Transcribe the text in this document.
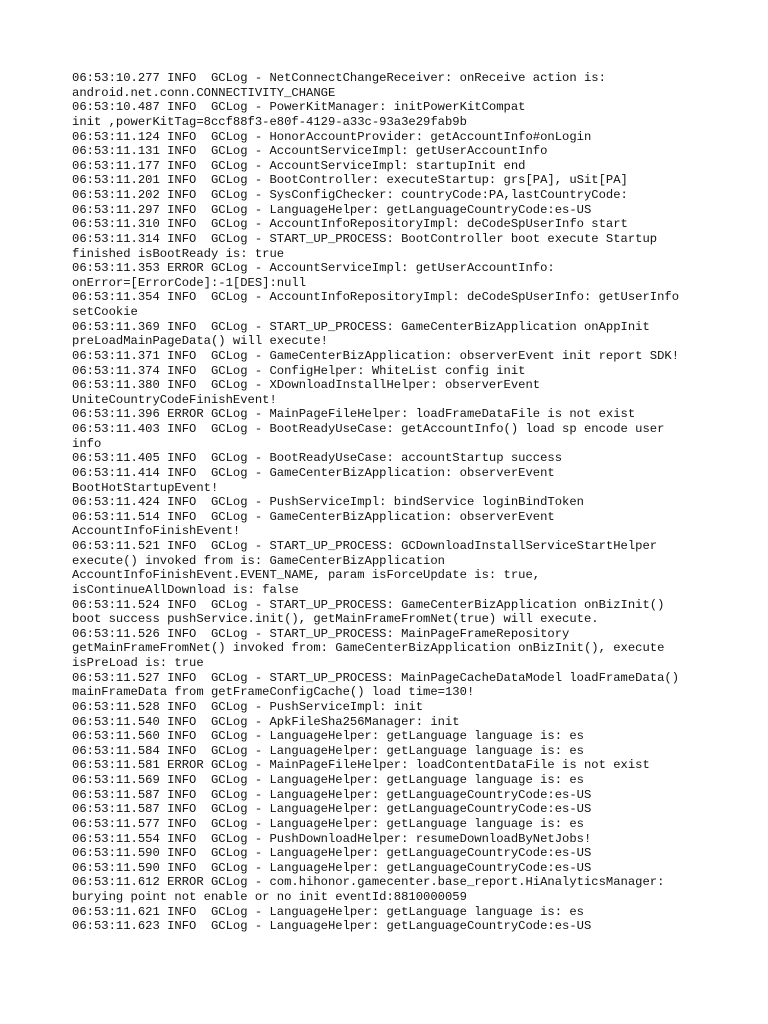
06:53:10.277 INFO  GCLog - NetConnectChangeReceiver: onReceive action is:
android.net.conn.CONNECTIVITY_CHANGE
06:53:10.487 INFO  GCLog - PowerKitManager: initPowerKitCompat
init ,powerKitTag=8ccf88f3-e80f-4129-a33c-93a3e29fab9b
06:53:11.124 INFO  GCLog - HonorAccountProvider: getAccountInfo#onLogin
06:53:11.131 INFO  GCLog - AccountServiceImpl: getUserAccountInfo
06:53:11.177 INFO  GCLog - AccountServiceImpl: startupInit end
06:53:11.201 INFO  GCLog - BootController: executeStartup: grs[PA], uSit[PA]
06:53:11.202 INFO  GCLog - SysConfigChecker: countryCode:PA,lastCountryCode:
06:53:11.297 INFO  GCLog - LanguageHelper: getLanguageCountryCode:es-US
06:53:11.310 INFO  GCLog - AccountInfoRepositoryImpl: deCodeSpUserInfo start
06:53:11.314 INFO  GCLog - START_UP_PROCESS: BootController boot execute Startup
finished isBootReady is: true
06:53:11.353 ERROR GCLog - AccountServiceImpl: getUserAccountInfo:
onError=[ErrorCode]:-1[DES]:null
06:53:11.354 INFO  GCLog - AccountInfoRepositoryImpl: deCodeSpUserInfo: getUserInfo
setCookie
06:53:11.369 INFO  GCLog - START_UP_PROCESS: GameCenterBizApplication onAppInit
preLoadMainPageData() will execute!
06:53:11.371 INFO  GCLog - GameCenterBizApplication: observerEvent init report SDK!
06:53:11.374 INFO  GCLog - ConfigHelper: WhiteList config init
06:53:11.380 INFO  GCLog - XDownloadInstallHelper: observerEvent
UniteCountryCodeFinishEvent!
06:53:11.396 ERROR GCLog - MainPageFileHelper: loadFrameDataFile is not exist
06:53:11.403 INFO  GCLog - BootReadyUseCase: getAccountInfo() load sp encode user
info
06:53:11.405 INFO  GCLog - BootReadyUseCase: accountStartup success
06:53:11.414 INFO  GCLog - GameCenterBizApplication: observerEvent
BootHotStartupEvent!
06:53:11.424 INFO  GCLog - PushServiceImpl: bindService loginBindToken
06:53:11.514 INFO  GCLog - GameCenterBizApplication: observerEvent
AccountInfoFinishEvent!
06:53:11.521 INFO  GCLog - START_UP_PROCESS: GCDownloadInstallServiceStartHelper
execute() invoked from is: GameCenterBizApplication
AccountInfoFinishEvent.EVENT_NAME, param isForceUpdate is: true,
isContinueAllDownload is: false
06:53:11.524 INFO  GCLog - START_UP_PROCESS: GameCenterBizApplication onBizInit()
boot success pushService.init(), getMainFrameFromNet(true) will execute.
06:53:11.526 INFO  GCLog - START_UP_PROCESS: MainPageFrameRepository
getMainFrameFromNet() invoked from: GameCenterBizApplication onBizInit(), execute
isPreLoad is: true
06:53:11.527 INFO  GCLog - START_UP_PROCESS: MainPageCacheDataModel loadFrameData()
mainFrameData from getFrameConfigCache() load time=130!
06:53:11.528 INFO  GCLog - PushServiceImpl: init
06:53:11.540 INFO  GCLog - ApkFileSha256Manager: init
06:53:11.560 INFO  GCLog - LanguageHelper: getLanguage language is: es
06:53:11.584 INFO  GCLog - LanguageHelper: getLanguage language is: es
06:53:11.581 ERROR GCLog - MainPageFileHelper: loadContentDataFile is not exist
06:53:11.569 INFO  GCLog - LanguageHelper: getLanguage language is: es
06:53:11.587 INFO  GCLog - LanguageHelper: getLanguageCountryCode:es-US
06:53:11.587 INFO  GCLog - LanguageHelper: getLanguageCountryCode:es-US
06:53:11.577 INFO  GCLog - LanguageHelper: getLanguage language is: es
06:53:11.554 INFO  GCLog - PushDownloadHelper: resumeDownloadByNetJobs!
06:53:11.590 INFO  GCLog - LanguageHelper: getLanguageCountryCode:es-US
06:53:11.590 INFO  GCLog - LanguageHelper: getLanguageCountryCode:es-US
06:53:11.612 ERROR GCLog - com.hihonor.gamecenter.base_report.HiAnalyticsManager:
burying point not enable or no init eventId:8810000059
06:53:11.621 INFO  GCLog - LanguageHelper: getLanguage language is: es
06:53:11.623 INFO  GCLog - LanguageHelper: getLanguageCountryCode:es-US
